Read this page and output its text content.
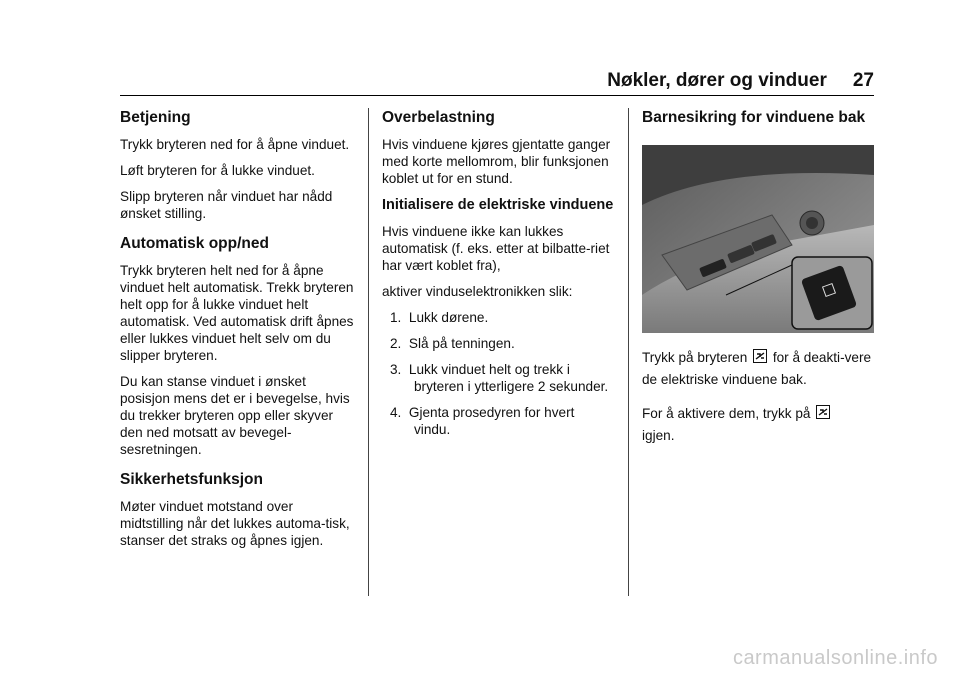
Nøkler, dører og vinduer 27
Betjening

Trykk bryteren ned for å åpne vinduet.

Løft bryteren for å lukke vinduet.

Slipp bryteren når vinduet har nådd ønsket stilling.

Automatisk opp/ned

Trykk bryteren helt ned for å åpne vinduet helt automatisk. Trekk bryteren helt opp for å lukke vinduet helt automatisk. Ved automatisk drift åpnes eller lukkes vinduet helt selv om du slipper bryteren.

Du kan stanse vinduet i ønsket posisjon mens det er i bevegelse, hvis du trekker bryteren opp eller skyver den ned motsatt av bevegel-sesretningen.

Sikkerhetsfunksjon

Møter vinduet motstand over midtstilling når det lukkes automa-tisk, stanser det straks og åpnes igjen.

Overbelastning

Hvis vinduene kjøres gjentatte ganger med korte mellomrom, blir funksjonen koblet ut for en stund.

Initialisere de elektriske vinduene

Hvis vinduene ikke kan lukkes automatisk (f. eks. etter at bilbatte-riet har vært koblet fra),

aktiver vinduselektronikken slik:

1. Lukk dørene.
2. Slå på tenningen.
3. Lukk vinduet helt og trekk i bryteren i ytterligere 2 sekunder.
4. Gjenta prosedyren for hvert vindu.
Barnesikring for vinduene bak

Trykk på bryteren for å deakti-vere de elektriske vinduene bak.

For å aktivere dem, trykk på
igjen.

carmanualsonline.info
